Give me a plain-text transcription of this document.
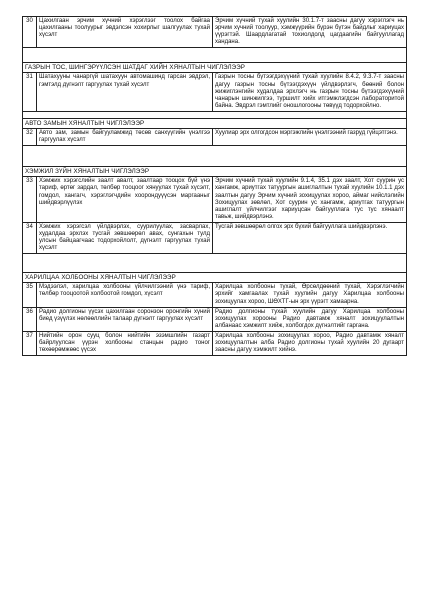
30	Цахилгаан эрчим хүчний хэрэглээг тоолох байгаа цахилгааны тоолуурыг эвдэлсэн хохирлыг шалгуулах тухай хүсэлт	Эрчим хүчний тухай хуулийн 30.1.7-т заасны дагуу хэрэглэгч нь эрчим хүчний тоолуур, хэмжүүрийн бүрэн бүтэн байдлыг хариуцах үүрэгтэй. Шаардлагатай тохиолдолд цагдаагийн байгууллагад хандана.

ГАЗРЫН ТОС, ШИНГЭРҮҮЛСЭН ШАТДАГ ХИЙН ХЯНАЛТЫН ЧИГЛЭЛЭЭР		
31	Шатахууны чанаргүй шатахуун автомашинд гарсан эвдрэл, гэмтэлд дүгнэлт гаргуулах тухай хүсэлт	Газрын тосны бүтээгдэхүүний тухай хуулийн 8.4.2, 9.3.7-т заасны дагуу газрын тосны бүтээгдэхүүн үйлдвэрлэгч, бөөний болон жижиглэнгийн худалдаа эрхлэгч нь газрын тосны бүтээгдэхүүний чанарын шинжилгээ, туршилт хийх итгэмжлэгдсэн лабораторитой байна. Эвдрэл гэмтлийг онош​логооны төвүүд тодорхойлно.

АВТО ЗАМЫН ХЯНАЛТЫН ЧИГЛЭЛЭЭР		
32	Авто зам, замын байгууламжид төсөв санхүүгийн үнэлгээ гаргуулах хүсэлт	Хуулиар эрх олгогдсон мэргэжлийн үнэлгээний газруд гүйцэтгэнэ.

ХЭМЖИЛ ЗҮЙН ХЯНАЛТЫН ЧИГЛЭЛЭЭР		
33	Хэмжих хэрэгслийн заалт авалт, заалтаар тооцох бүй үнэ тариф, өртөг зардал, төлбөр тооцоог хянуулах тухай хүсэлт, гомдол, хангагч, хэрэглэгчдийн хоорондуүүсэн маргааныг шийдвэрлүүлэх	Эрчим хүчний тухай хуулийн 9.1.4, 35.1 дэх заалт, Хот суурин ус хангамж, ариутгах татуургын ашиглалтын тухай хуулийн 10.1.1 дэх заалтын дагуу Эрчим хүчний зохицуулах хороо, аймаг нийслэлийн Зохицуулах зөвлөл, Хот суурин ус хангамж, ариутгах татуургын ашиглалт үйлчилгээг хариуцсан байгууллага тус тус хянаалт тавьж, шийдвэрлэнэ.
34	Хэмжих хэрэгсэл үйлдвэрлэх, суурилуулах, засварлах, худалдаа эрхлэх тусгай зөвшөөрөл авах, сунгахын тулд улсын байцаагчаас тодорхойлолт, дүгнэлт гаргуулах тухай хүсэлт	Тусгай зөвшөөрөл олгох эрх бүхий байгууллага шийдвэрлэнэ.

ХАРИЛЦАА ХОЛБООНЫ ХЯНАЛТЫН ЧИГЛЭЛЭЭР		
35	Мэдээлэл, харилцаа холбооны үйлчилгээний үнэ тариф, төлбөр тооцоотой холбоотой гомдол, хүсэлт	Харилцаа холбооны тухай, Өрсөлдөөний тухай, Хэрэглэгчийн эрхийг хамгаалах тухай хуулийн дагуу Харилцаа холбооны зохицуулах хороо, ШӨХТГ-ын эрх үүрэгт хамаарна.
36	Радио долгионы үүсэх цахилгаан соронзон оронгийн хүний биед үзүүлэх нөлөөллийн талаар дүгнэлт гаргуулах хүсэлт	Радио долгионы тухай хуулийн дагуу Харилцаа холбооны зохицуулах хорооны Радио давтамж хяналт зохицуулалтын албанаас хэмжилт хийж, холбогдох дүгнэлтийг гаргана.
37	Нийтийн орон сууц болон нийтийн эзэмшлийн газарт байрлуулсан үүрэн холбооны станцын радио тоног төхөөрөмжөөс үүсэх	Харилцаа холбооны зохицуулах хороо, Радио давтамж хяналт зохицуулалтын алба Радио долгионы тухай хуулийн 20 дугаарт заасны дагуу хэмжилт хийнэ.
